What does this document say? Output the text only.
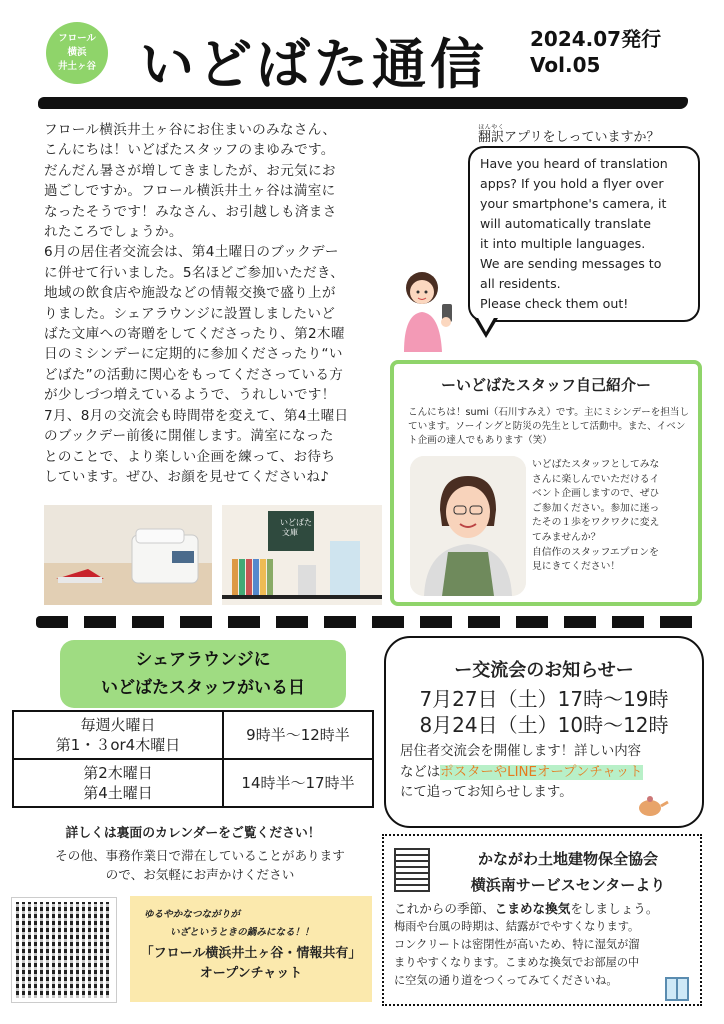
フロール
横浜
井土ヶ谷 いどばた通信 2024.07発行
Vol.05
フロール横浜井土ヶ谷にお住まいのみなさん、
こんにちは！いどばたスタッフのまゆみです。
だんだん暑さが増してきましたが、お元気にお
過ごしですか。フロール横浜井土ヶ谷は満室に
なったそうです！みなさん、お引越しも済まさ
れたころでしょうか。
6月の居住者交流会は、第4土曜日のブックデー
に併せて行いました。5名ほどご参加いただき、
地域の飲食店や施設などの情報交換で盛り上が
りました。シェアラウンジに設置しましたいど
ばた文庫への寄贈をしてくださったり、第2木曜
日のミシンデーに定期的に参加くださったり“い
どばた”の活動に関心をもってくださっている方
が少しづつ増えているようで、うれしいです！
7月、8月の交流会も時間帯を変えて、第4土曜日
のブックデー前後に開催します。満室になった
とのことで、より楽しい企画を練って、お待ち
しています。ぜひ、お顔を見せてくださいね♪
いどばた
文庫
翻訳ほんやくアプリをしっていますか？
Have you heard of translation
apps? If you hold a flyer over
your smartphone's camera, it
will automatically translate
it into multiple languages.
We are sending messages to
all residents.
Please check them out!
ーいどばたスタッフ自己紹介ー
こんにちは！sumi（石川すみえ）です。主にミシンデーを担当しています。ソーイングと防災の先生として活動中。また、イベント企画の達人でもあります（笑）
いどばたスタッフとしてみな
さんに楽しんでいただけるイ
ベント企画しますので、ぜひ
ご参加ください。参加に迷っ
たその１歩をワクワクに変え
てみませんか？
自信作のスタッフエプロンを
見にきてください！
シェアラウンジに
いどばたスタッフがいる日
毎週火曜日
第1・３or4木曜日	9時半〜12時半

第2木曜日
第4土曜日	14時半〜17時半
詳しくは裏面のカレンダーをご覧ください！
その他、事務作業日で滞在していることがあります
ので、お気軽にお声かけください
ゆるやかなつながりが
いざというときの鍋みになる！！
「フロール横浜井土ヶ谷・情報共有」
オープンチャット
ー交流会のお知らせー
7月27日（土）17時〜19時
8月24日（土）10時〜12時
居住者交流会を開催します！詳しい内容
などはポスターやLINEオープンチャット
にて追ってお知らせします。
かながわ土地建物保全協会
横浜南サービスセンターより
これからの季節、こまめな換気をしましょう。
梅雨や台風の時期は、結露がでやすくなります。
コンクリートは密閉性が高いため、特に湿気が溜
まりやすくなります。こまめな換気でお部屋の中
に空気の通り道をつくってみてくださいね。
